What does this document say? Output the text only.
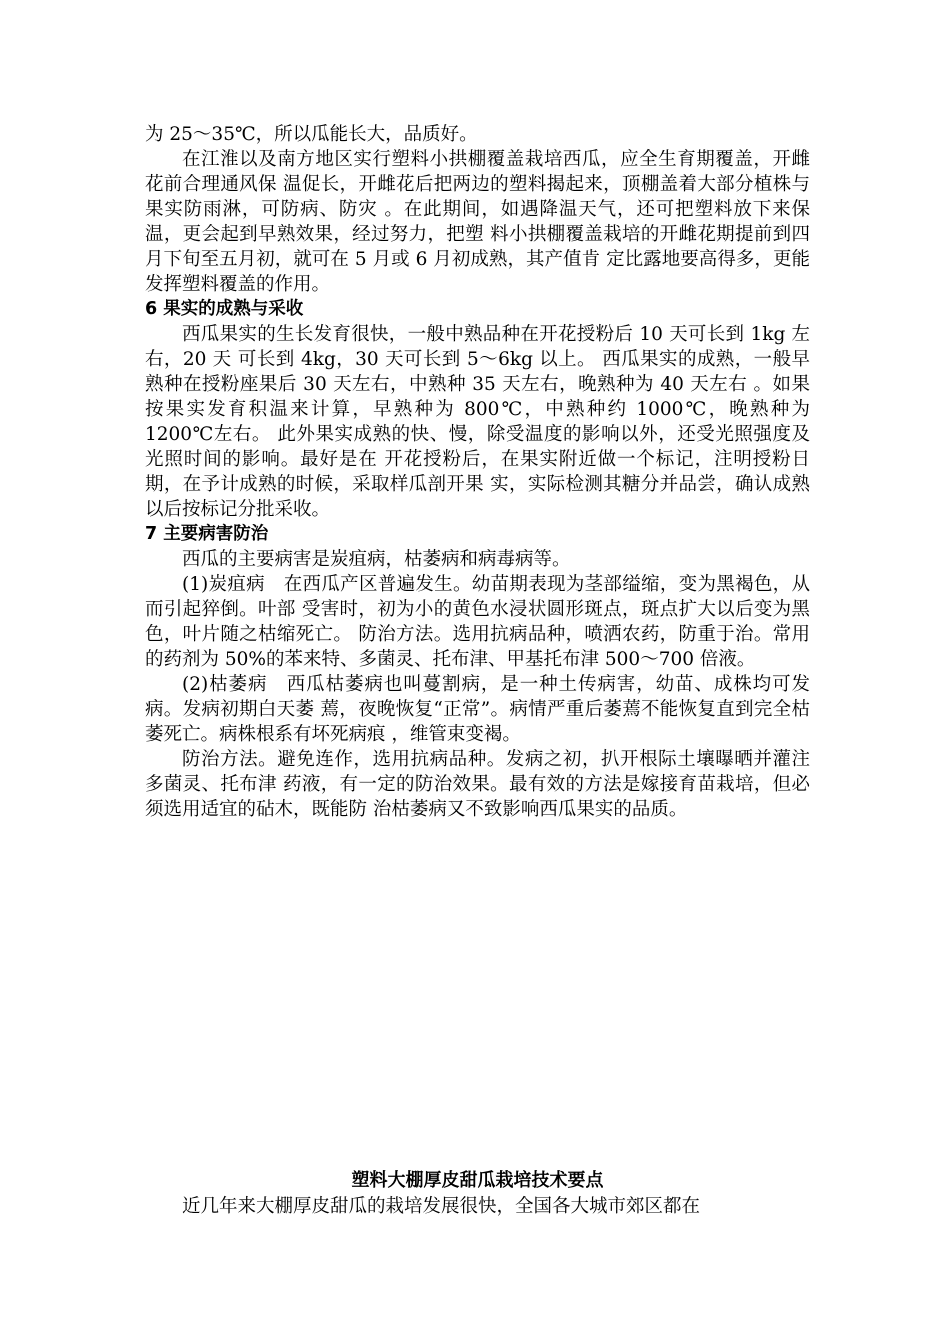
为 25～35℃，所以瓜能长大，品质好。

在江淮以及南方地区实行塑料小拱棚覆盖栽培西瓜，应全生育期覆盖，开雌花前合理通风保 温促长，开雌花后把两边的塑料揭起来，顶棚盖着大部分植株与果实防雨淋，可防病、防灾 。在此期间，如遇降温天气，还可把塑料放下来保温，更会起到早熟效果，经过努力，把塑 料小拱棚覆盖栽培的开雌花期提前到四月下旬至五月初，就可在 5 月或 6 月初成熟，其产值肯 定比露地要高得多，更能发挥塑料覆盖的作用。

6 果实的成熟与采收

西瓜果实的生长发育很快，一般中熟品种在开花授粉后 10 天可长到 1kg 左右，20 天 可长到 4kg，30 天可长到 5～6kg 以上。 西瓜果实的成熟，一般早熟种在授粉座果后 30 天左右，中熟种 35 天左右，晚熟种为 40 天左右 。如果按果实发育积温来计算，早熟种为 800℃，中熟种约 1000℃，晚熟种为 1200℃左右。 此外果实成熟的快、慢，除受温度的影响以外，还受光照强度及光照时间的影响。最好是在 开花授粉后，在果实附近做一个标记，注明授粉日期，在予计成熟的时候，采取样瓜剖开果 实，实际检测其糖分并品尝，确认成熟以后按标记分批采收。

7 主要病害防治

西瓜的主要病害是炭疽病，枯萎病和病毒病等。

(1)炭疽病　在西瓜产区普遍发生。幼苗期表现为茎部缢缩，变为黑褐色，从而引起猝倒。叶部 受害时，初为小的黄色水浸状圆形斑点，斑点扩大以后变为黑色，叶片随之枯缩死亡。 防治方法。选用抗病品种，喷洒农药，防重于治。常用的药剂为 50%的苯来特、多菌灵、托布津、甲基托布津 500～700 倍液。

(2)枯萎病　西瓜枯萎病也叫蔓割病，是一种土传病害，幼苗、成株均可发病。发病初期白天萎 蔫，夜晚恢复“正常”。病情严重后萎蔫不能恢复直到完全枯萎死亡。病株根系有坏死病痕 ，维管束变褐。

防治方法。避免连作，选用抗病品种。发病之初，扒开根际土壤曝晒并灌注多菌灵、托布津 药液，有一定的防治效果。最有效的方法是嫁接育苗栽培，但必须选用适宜的砧木，既能防 治枯萎病又不致影响西瓜果实的品质。

塑料大棚厚皮甜瓜栽培技术要点

近几年来大棚厚皮甜瓜的栽培发展很快，全国各大城市郊区都在
